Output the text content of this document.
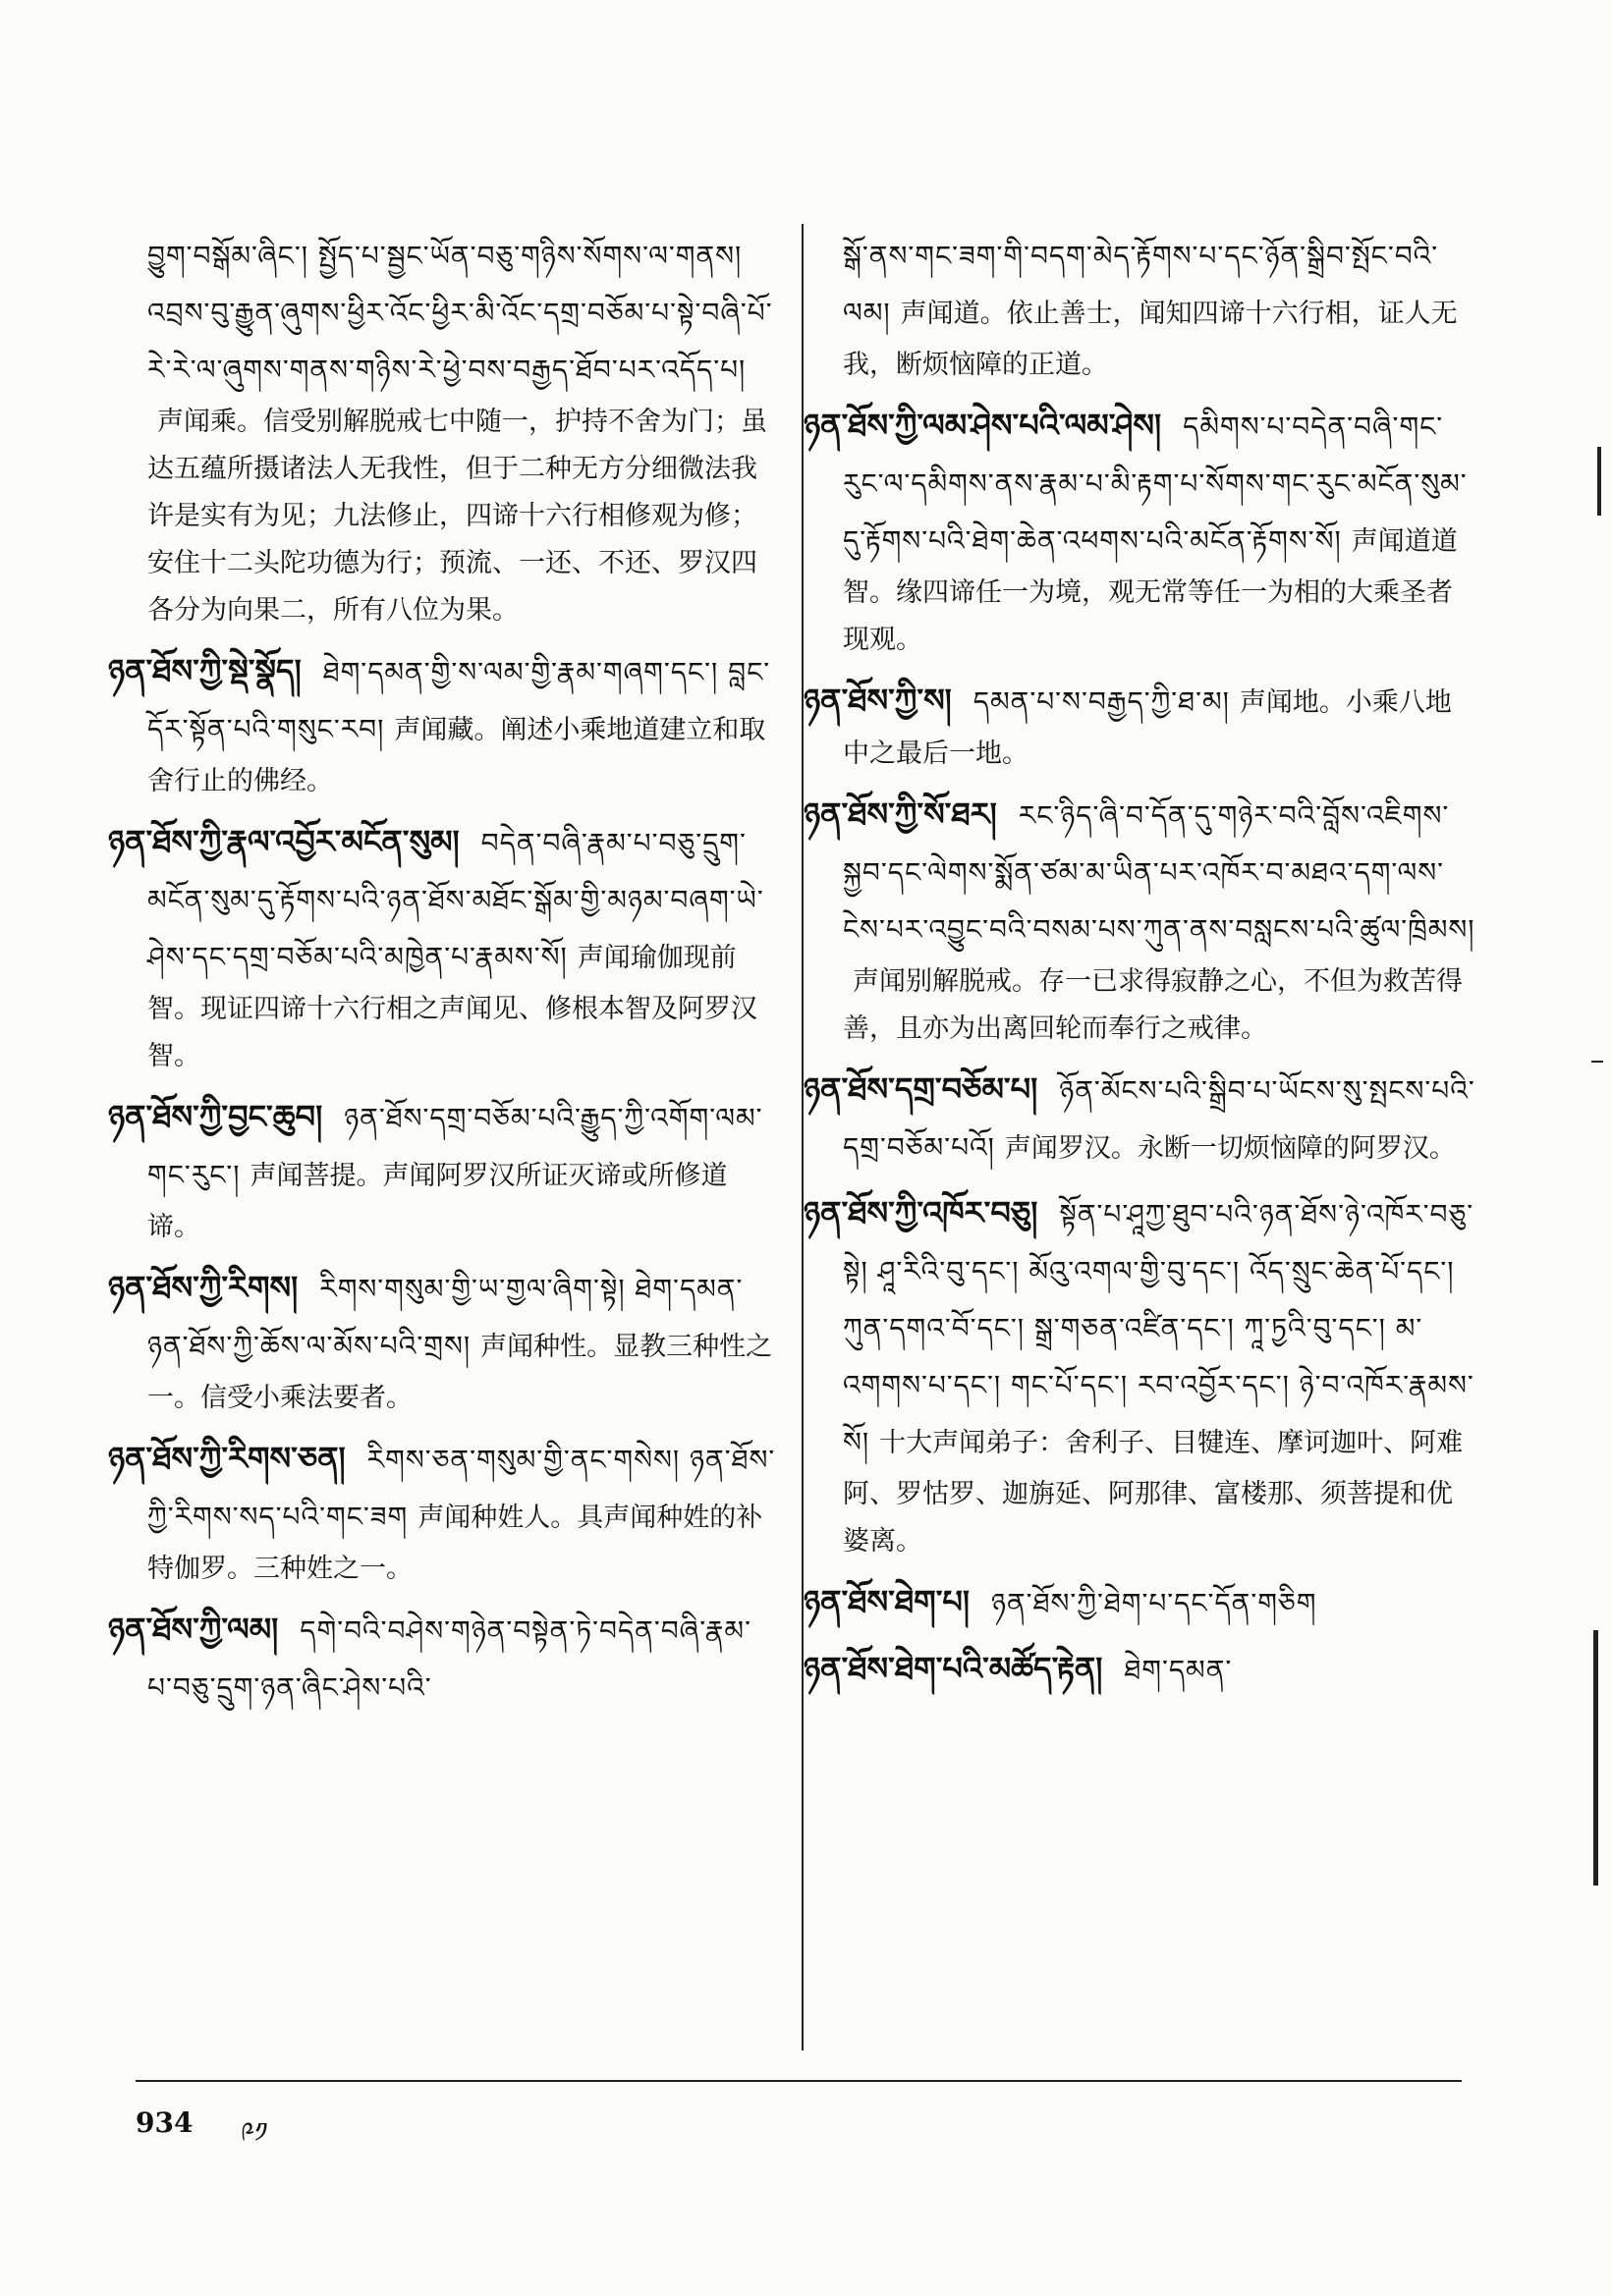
བྱུག་བསྒོམ་ཞིང་། སྤྱོད་པ་སྦྱང་ཡོན་བཅུ་གཉིས་སོགས་ལ་གནས། འབྲས་བུ་རྒྱུན་ཞུགས་ཕྱིར་འོང་ཕྱིར་མི་འོང་དགྲ་བཅོམ་པ་སྟེ་བཞི་པོ་རེ་རེ་ལ་ཞུགས་གནས་གཉིས་རེ་ཕྱེ་བས་བརྒྱད་ཐོབ་པར་འདོད་པ།声闻乘。信受别解脱戒七中随一，护持不舍为门；虽达五蕴所摄诸法人无我性，但于二种无方分细微法我许是实有为见；九法修止，四谛十六行相修观为修；安住十二头陀功德为行；预流、一还、不还、罗汉四各分为向果二，所有八位为果。

ཉན་ཐོས་ཀྱི་སྡེ་སྣོད། ཐེག་དམན་གྱི་ས་ལམ་གྱི་རྣམ་གཞག་དང་། བླང་དོར་སྟོན་པའི་གསུང་རབ། 声闻藏。阐述小乘地道建立和取舍行止的佛经。

ཉན་ཐོས་ཀྱི་རྣལ་འབྱོར་མངོན་སུམ། བདེན་བཞི་རྣམ་པ་བཅུ་དྲུག་མངོན་སུམ་དུ་རྟོགས་པའི་ཉན་ཐོས་མཐོང་སྒོམ་གྱི་མཉམ་བཞག་ཡེ་ཤེས་དང་དགྲ་བཅོམ་པའི་མཁྱེན་པ་རྣམས་སོ། 声闻瑜伽现前智。现证四谛十六行相之声闻见、修根本智及阿罗汉智。

ཉན་ཐོས་ཀྱི་བྱང་ཆུབ། ཉན་ཐོས་དགྲ་བཅོམ་པའི་རྒྱུད་ཀྱི་འགོག་ལམ་གང་རུང་། 声闻菩提。声闻阿罗汉所证灭谛或所修道谛。

ཉན་ཐོས་ཀྱི་རིགས། རིགས་གསུམ་གྱི་ཡ་གྱལ་ཞིག་སྟེ། ཐེག་དམན་ཉན་ཐོས་ཀྱི་ཆོས་ལ་མོས་པའི་གྲས། 声闻种性。显教三种性之一。信受小乘法要者。

ཉན་ཐོས་ཀྱི་རིགས་ཅན། རིགས་ཅན་གསུམ་གྱི་ནང་གསེས། ཉན་ཐོས་ཀྱི་རིགས་སད་པའི་གང་ཟག 声闻种姓人。具声闻种姓的补特伽罗。三种姓之一。

ཉན་ཐོས་ཀྱི་ལམ། དགེ་བའི་བཤེས་གཉེན་བསྟེན་ཏེ་བདེན་བཞི་རྣམ་པ་བཅུ་དྲུག་ཉན་ཞིང་ཤེས་པའི་

སྒོ་ནས་གང་ཟག་གི་བདག་མེད་རྟོགས་པ་དང་ཉོན་སྒྲིབ་སྤོང་བའི་ལམ། 声闻道。依止善士，闻知四谛十六行相，证人无我，断烦恼障的正道。

ཉན་ཐོས་ཀྱི་ལམ་ཤེས་པའི་ལམ་ཤེས། དམིགས་པ་བདེན་བཞི་གང་རུང་ལ་དམིགས་ནས་རྣམ་པ་མི་རྟག་པ་སོགས་གང་རུང་མངོན་སུམ་དུ་རྟོགས་པའི་ཐེག་ཆེན་འཕགས་པའི་མངོན་རྟོགས་སོ། 声闻道道智。缘四谛任一为境，观无常等任一为相的大乘圣者现观。

ཉན་ཐོས་ཀྱི་ས། དམན་པ་ས་བརྒྱད་ཀྱི་ཐ་མ། 声闻地。小乘八地中之最后一地。

ཉན་ཐོས་ཀྱི་སོ་ཐར། རང་ཉིད་ཞི་བ་དོན་དུ་གཉེར་བའི་བློས་འཇིགས་སྐྱབ་དང་ལེགས་སྨོན་ཙམ་མ་ཡིན་པར་འཁོར་བ་མཐའ་དག་ལས་ངེས་པར་འབྱུང་བའི་བསམ་པས་ཀུན་ནས་བསླངས་པའི་ཚུལ་ཁྲིམས།声闻别解脱戒。存一已求得寂静之心，不但为救苦得善，且亦为出离回轮而奉行之戒律。

ཉན་ཐོས་དགྲ་བཅོམ་པ། ཉོན་མོངས་པའི་སྒྲིབ་པ་ཡོངས་སུ་སྤངས་པའི་དགྲ་བཅོམ་པའོ། 声闻罗汉。永断一切烦恼障的阿罗汉。

ཉན་ཐོས་ཀྱི་འཁོར་བཅུ། སྟོན་པ་ཤཱཀྱ་ཐུབ་པའི་ཉན་ཐོས་ཉེ་འཁོར་བཅུ་སྟེ། ཤཱ་རིའི་བུ་དང་། མོའུ་འགལ་གྱི་བུ་དང་། འོད་སྲུང་ཆེན་པོ་དང་། ཀུན་དགའ་བོ་དང་། སྒྲ་གཅན་འཛིན་དང་། ཀཱ་ཏྱའི་བུ་དང་། མ་འགགས་པ་དང་། གང་པོ་དང་། རབ་འབྱོར་དང་། ཉེ་བ་འཁོར་རྣམས་སོ། 十大声闻弟子：舍利子、目犍连、摩诃迦叶、阿难阿、罗怙罗、迦旃延、阿那律、富楼那、须菩提和优婆离。

ཉན་ཐོས་ཐེག་པ། ཉན་ཐོས་ཀྱི་ཐེག་པ་དང་དོན་གཅིག

ཉན་ཐོས་ཐེག་པའི་མཚོད་རྟེན། ཐེག་དམན་

934 ༩༡
